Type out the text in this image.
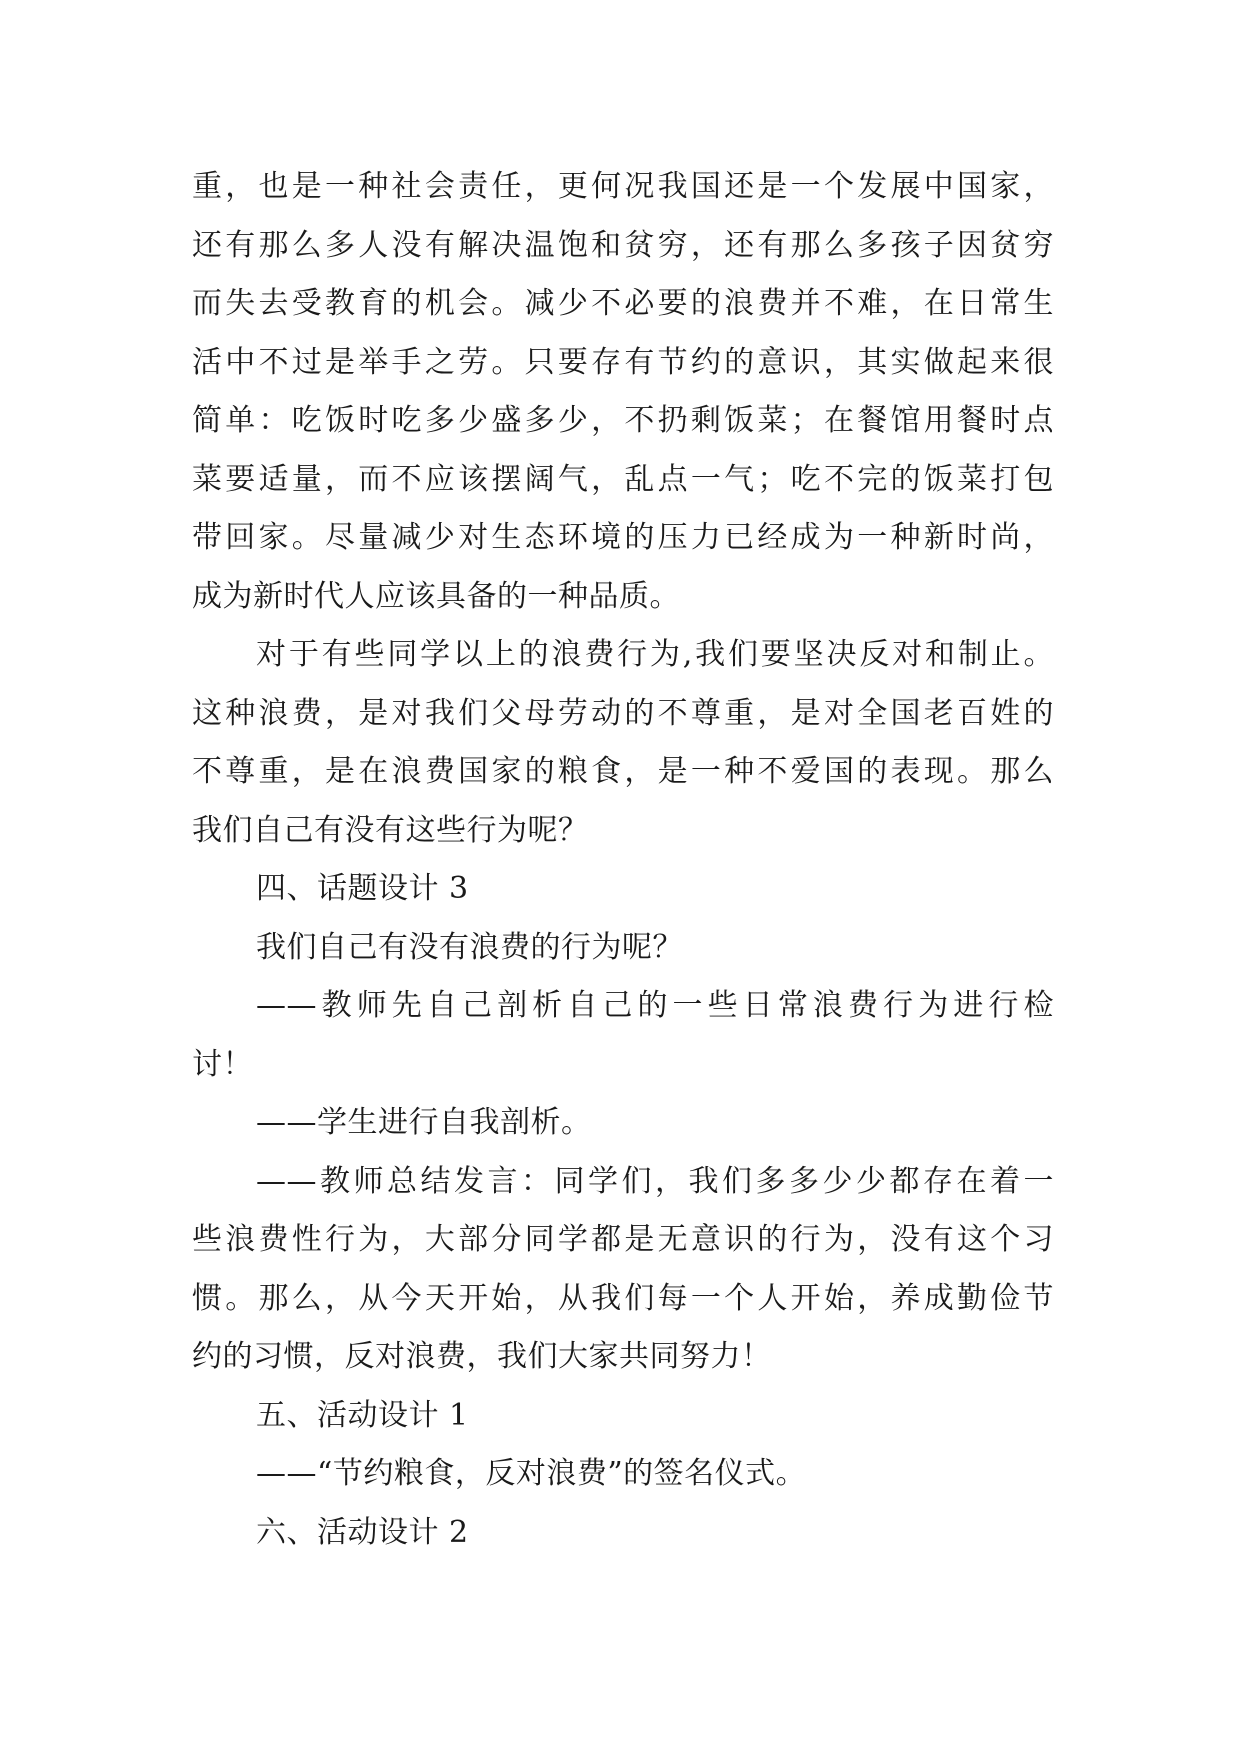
重，也是一种社会责任，更何况我国还是一个发展中国家，
还有那么多人没有解决温饱和贫穷，还有那么多孩子因贫穷
而失去受教育的机会。减少不必要的浪费并不难，在日常生
活中不过是举手之劳。只要存有节约的意识，其实做起来很
简单：吃饭时吃多少盛多少，不扔剩饭菜；在餐馆用餐时点
菜要适量，而不应该摆阔气，乱点一气；吃不完的饭菜打包
带回家。尽量减少对生态环境的压力已经成为一种新时尚，
成为新时代人应该具备的一种品质。
对于有些同学以上的浪费行为,我们要坚决反对和制止。
这种浪费，是对我们父母劳动的不尊重，是对全国老百姓的
不尊重，是在浪费国家的粮食，是一种不爱国的表现。那么
我们自己有没有这些行为呢？
四、话题设计 3
我们自己有没有浪费的行为呢？
——教师先自己剖析自己的一些日常浪费行为进行检
讨！
——学生进行自我剖析。
——教师总结发言：同学们，我们多多少少都存在着一
些浪费性行为，大部分同学都是无意识的行为，没有这个习
惯。那么，从今天开始，从我们每一个人开始，养成勤俭节
约的习惯，反对浪费，我们大家共同努力！
五、活动设计 1
——“节约粮食，反对浪费”的签名仪式。
六、活动设计 2
